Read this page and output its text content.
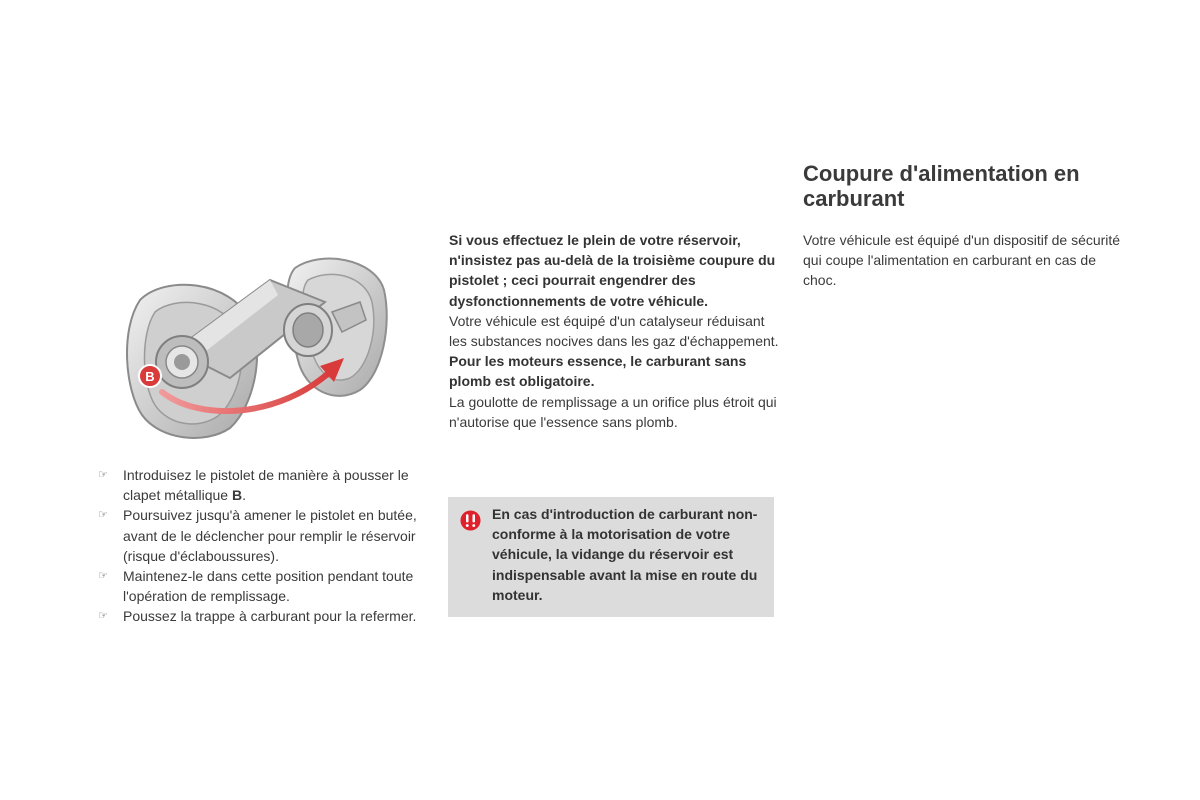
B
☞ Introduisez le pistolet de manière à pousser le clapet métallique B.
☞ Poursuivez jusqu'à amener le pistolet en butée, avant de le déclencher pour remplir le réservoir (risque d'éclaboussures).
☞ Maintenez-le dans cette position pendant toute l'opération de remplissage.
☞ Poussez la trappe à carburant pour la refermer.

Si vous effectuez le plein de votre réservoir, n'insistez pas au-delà de la troisième coupure du pistolet ; ceci pourrait engendrer des dysfonctionnements de votre véhicule.

Votre véhicule est équipé d'un catalyseur réduisant les substances nocives dans les gaz d'échappement.

Pour les moteurs essence, le carburant sans plomb est obligatoire.

La goulotte de remplissage a un orifice plus étroit qui n'autorise que l'essence sans plomb.

En cas d'introduction de carburant non-conforme à la motorisation de votre véhicule, la vidange du réservoir est indispensable avant la mise en route du moteur.
Coupure d'alimentation en carburant

Votre véhicule est équipé d'un dispositif de sécurité qui coupe l'alimentation en carburant en cas de choc.
